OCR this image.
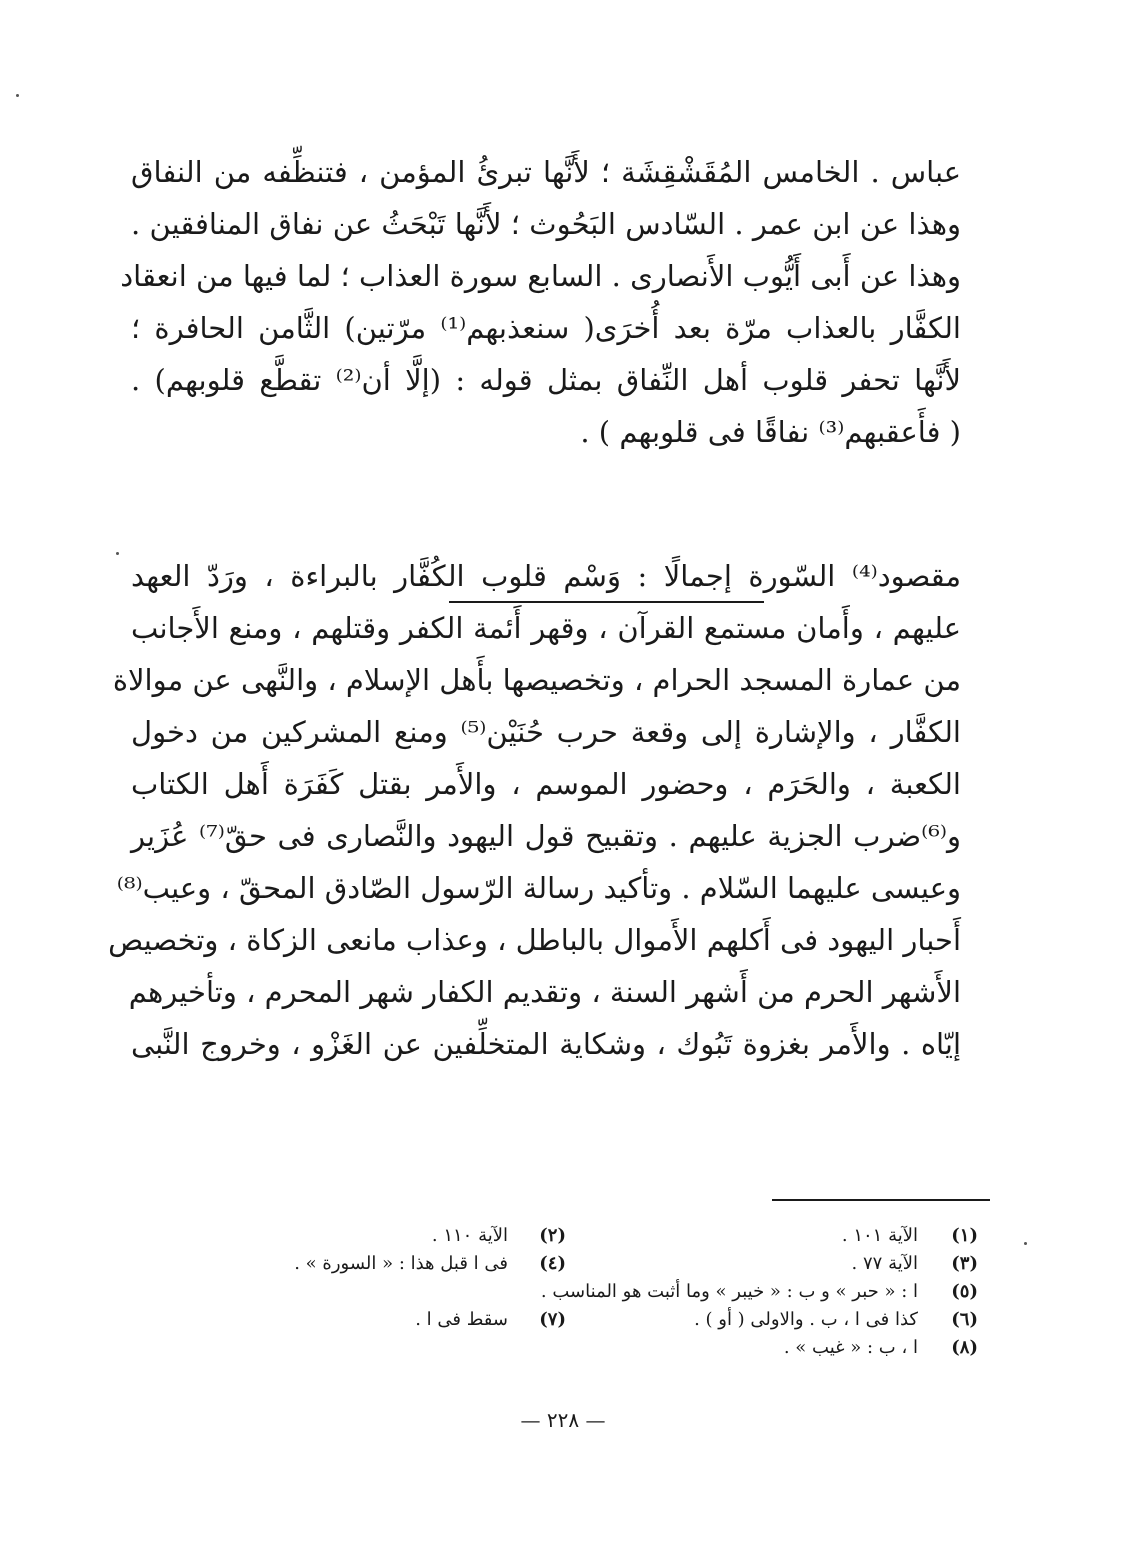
عباس . الخامس المُقَشْقِشَة ؛ لأَنَّها تبرئُ المؤمن ، فتنظِّفه من النفاق
وهذا عن ابن عمر . السّادس البَحُوث ؛ لأَنَّها تَبْحَثُ عن نفاق المنافقين .
وهذا عن أَبى أَيُّوب الأَنصارى . السابع سورة العذاب ؛ لما فيها من انعقاد
الكفَّار بالعذاب مرّة بعد أُخرَى( سنعذبهم⁽¹⁾ مرّتين) الثَّامن الحافرة ؛
لأَنَّها تحفر قلوب أهل النِّفاق بمثل قوله : (إلَّا أن⁽²⁾ تقطَّع قلوبهم) .
( فأَعقبهم⁽³⁾ نفاقًا فى قلوبهم ) .
مقصود⁽⁴⁾ السّورة إجمالًا : وَسْم قلوب الكُفَّار بالبراءة ، ورَدّ العهد
عليهم ، وأَمان مستمع القرآن ، وقهر أَئمة الكفر وقتلهم ، ومنع الأَجانب
من عمارة المسجد الحرام ، وتخصيصها بأَهل الإسلام ، والنَّهى عن موالاة
الكفَّار ، والإشارة إلى وقعة حرب حُنَيْن⁽⁵⁾ ومنع المشركين من دخول
الكعبة ، والحَرَم ، وحضور الموسم ، والأَمر بقتل كَفَرَة أَهل الكتاب
و⁽⁶⁾ضرب الجزية عليهم . وتقبيح قول اليهود والنَّصارى فى حقّ⁽⁷⁾ عُزَير
وعيسى عليهما السّلام . وتأكيد رسالة الرّسول الصّادق المحقّ ، وعيب⁽⁸⁾
أَحبار اليهود فى أَكلهم الأَموال بالباطل ، وعذاب مانعى الزكاة ، وتخصيص
الأَشهر الحرم من أَشهر السنة ، وتقديم الكفار شهر المحرم ، وتأخيرهم
إيّاه . والأَمر بغزوة تَبُوك ، وشكاية المتخلِّفين عن الغَزْو ، وخروج النَّبى
(١)
الآية ١٠١ .
(٢)
الآية ١١٠ .
(٣)
الآية ٧٧ .
(٤)
فى ا قبل هذا : « السورة » .
(٥)
ا : « حبر » و ب : « خيبر » وما أثبت هو المناسب .
(٦)
كذا فى ا ، ب . والاولى ( أو ) .
(٧)
سقط فى ا .
(٨)
ا ، ب : « غيب » .
— ٢٢٨ —
